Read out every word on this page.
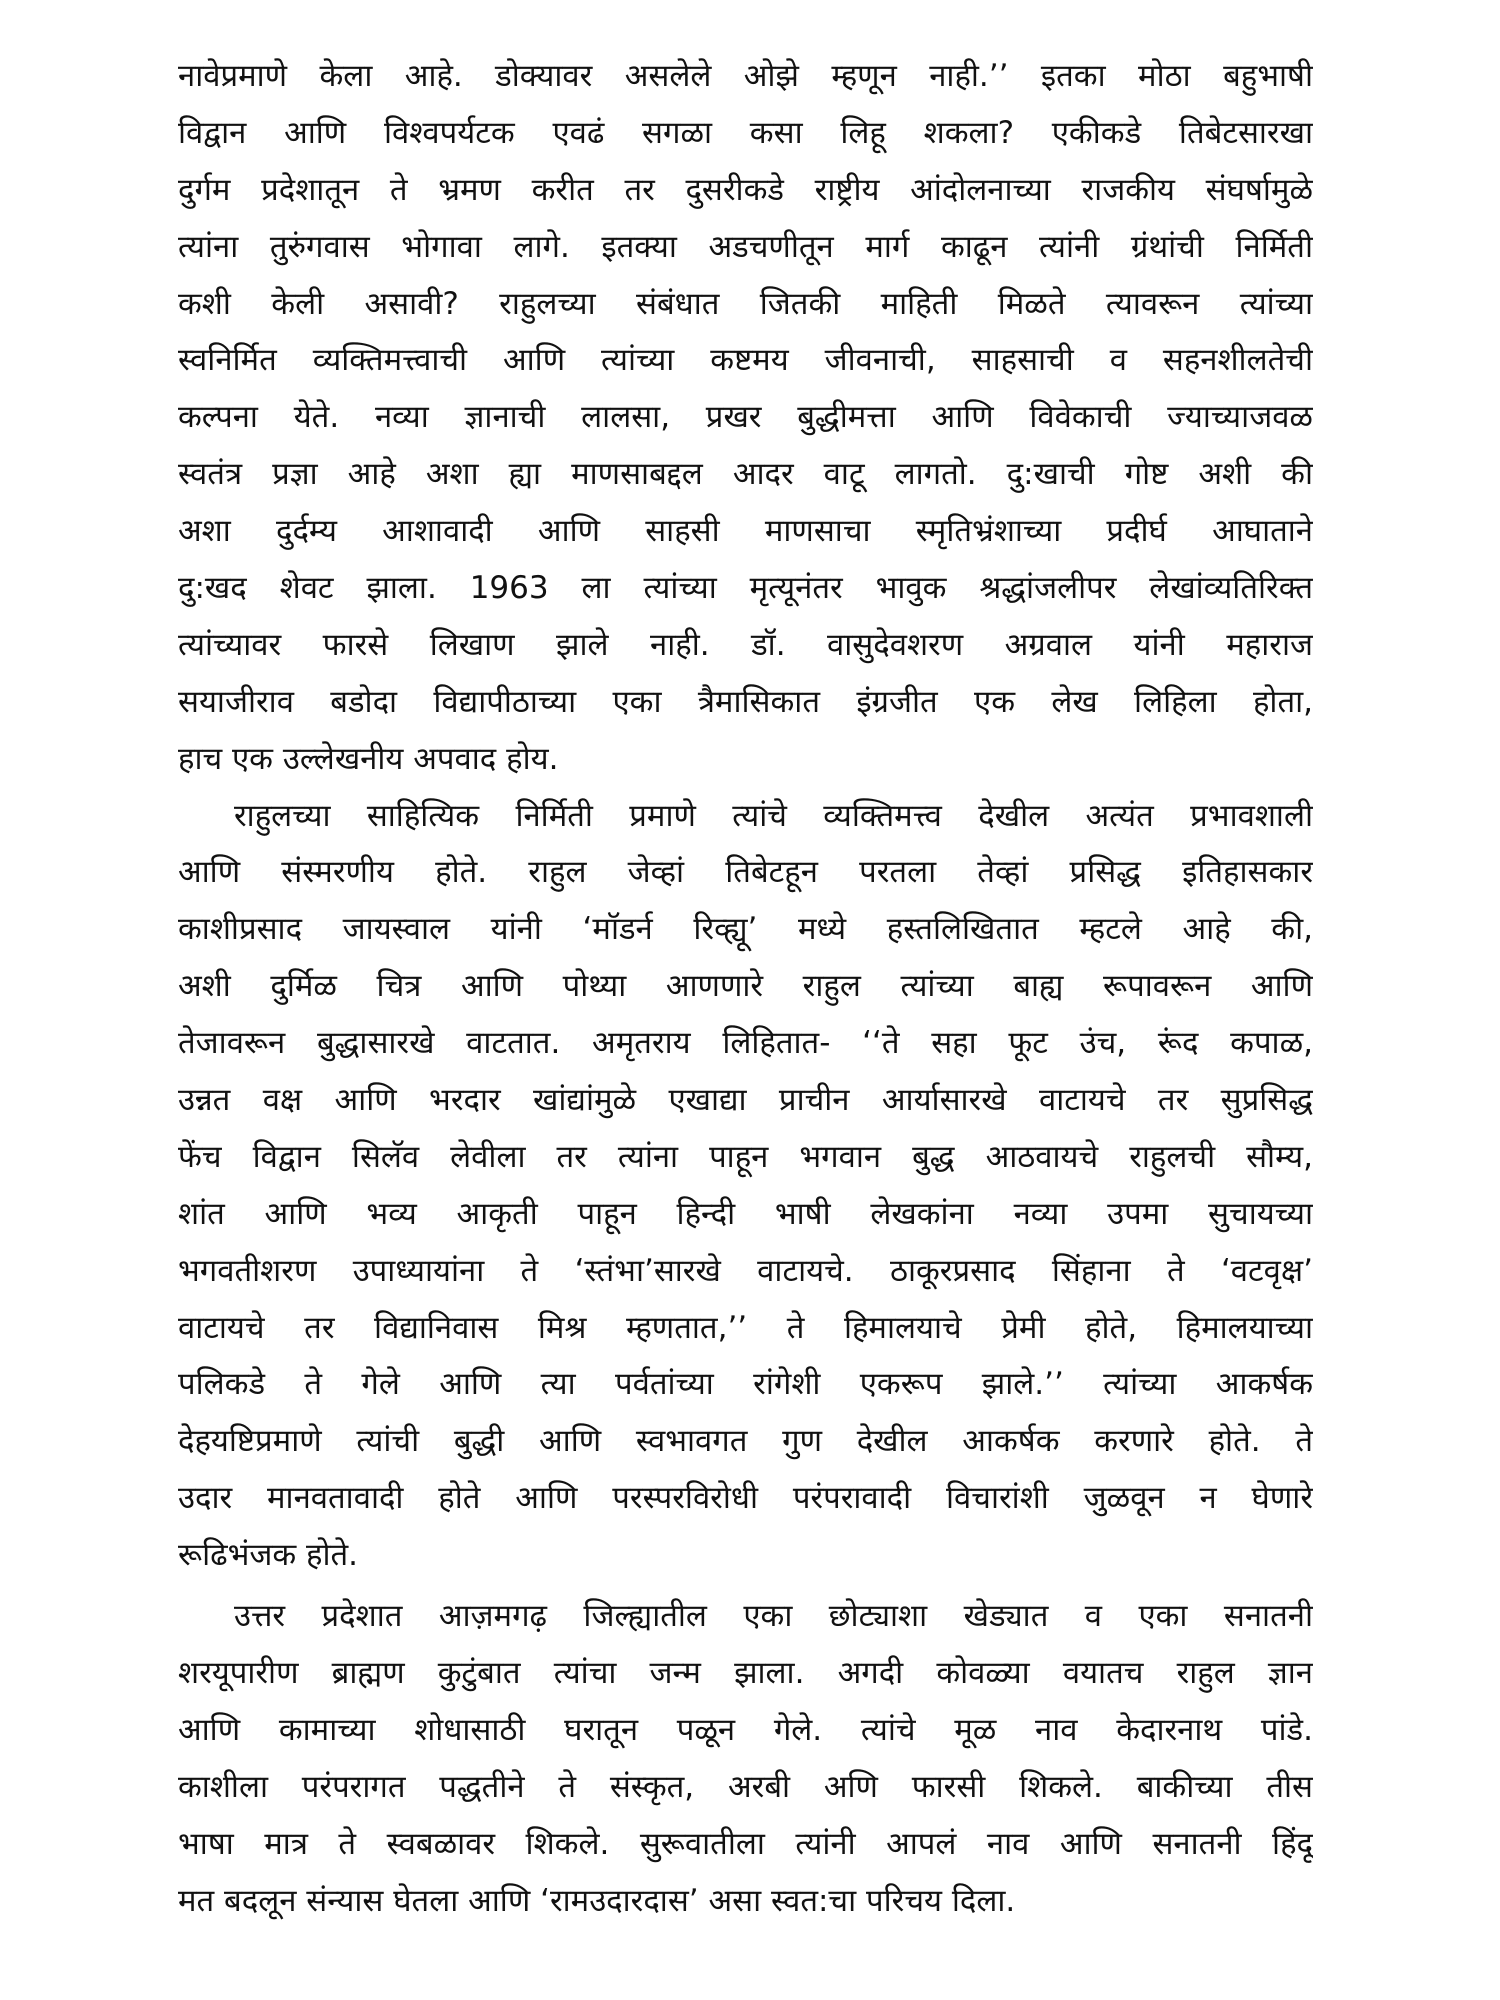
नावेप्रमाणे केला आहे. डोक्यावर असलेले ओझे म्हणून नाही.’’ इतका मोठा बहुभाषी
विद्वान आणि विश्वपर्यटक एवढं सगळा कसा लिहू शकला? एकीकडे तिबेटसारखा
दुर्गम प्रदेशातून ते भ्रमण करीत तर दुसरीकडे राष्ट्रीय आंदोलनाच्या राजकीय संघर्षामुळे
त्यांना तुरुंगवास भोगावा लागे. इतक्या अडचणीतून मार्ग काढून त्यांनी ग्रंथांची निर्मिती
कशी केली असावी? राहुलच्या संबंधात जितकी माहिती मिळते त्यावरून त्यांच्या
स्वनिर्मित व्यक्तिमत्त्वाची आणि त्यांच्या कष्टमय जीवनाची, साहसाची व सहनशीलतेची
कल्पना येते. नव्या ज्ञानाची लालसा, प्रखर बुद्धीमत्ता आणि विवेकाची ज्याच्याजवळ
स्वतंत्र प्रज्ञा आहे अशा ह्या माणसाबद्दल आदर वाटू लागतो. दु:खाची गोष्ट अशी की
अशा दुर्दम्य आशावादी आणि साहसी माणसाचा स्मृतिभ्रंशाच्या प्रदीर्घ आघाताने
दु:खद शेवट झाला. 1963 ला त्यांच्या मृत्यूनंतर भावुक श्रद्धांजलीपर लेखांव्यतिरिक्त
त्यांच्यावर फारसे लिखाण झाले नाही. डॉ. वासुदेवशरण अग्रवाल यांनी महाराज
सयाजीराव बडोदा विद्यापीठाच्या एका त्रैमासिकात इंग्रजीत एक लेख लिहिला होता,
हाच एक उल्लेखनीय अपवाद होय.
राहुलच्या साहित्यिक निर्मिती प्रमाणे त्यांचे व्यक्तिमत्त्व देखील अत्यंत प्रभावशाली
आणि संस्मरणीय होते. राहुल जेव्हां तिबेटहून परतला तेव्हां प्रसिद्ध इतिहासकार
काशीप्रसाद जायस्वाल यांनी ‘मॉडर्न रिव्ह्यू’ मध्ये हस्तलिखितात म्हटले आहे की,
अशी दुर्मिळ चित्र आणि पोथ्या आणणारे राहुल त्यांच्या बाह्य रूपावरून आणि
तेजावरून बुद्धासारखे वाटतात. अमृतराय लिहितात- ‘‘ते सहा फूट उंच, रूंद कपाळ,
उन्नत वक्ष आणि भरदार खांद्यांमुळे एखाद्या प्राचीन आर्यासारखे वाटायचे तर सुप्रसिद्ध
फेंच विद्वान सिलॅव लेवीला तर त्यांना पाहून भगवान बुद्ध आठवायचे राहुलची सौम्य,
शांत आणि भव्य आकृती पाहून हिन्दी भाषी लेखकांना नव्या उपमा सुचायच्या
भगवतीशरण उपाध्यायांना ते ‘स्तंभा’सारखे वाटायचे. ठाकूरप्रसाद सिंहाना ते ‘वटवृक्ष’
वाटायचे तर विद्यानिवास मिश्र म्हणतात,’’ ते हिमालयाचे प्रेमी होते, हिमालयाच्या
पलिकडे ते गेले आणि त्या पर्वतांच्या रांगेशी एकरूप झाले.’’ त्यांच्या आकर्षक
देहयष्टिप्रमाणे त्यांची बुद्धी आणि स्वभावगत गुण देखील आकर्षक करणारे होते. ते
उदार मानवतावादी होते आणि परस्परविरोधी परंपरावादी विचारांशी जुळवून न घेणारे
रूढिभंजक होते.
उत्तर प्रदेशात आज़मगढ़ जिल्ह्यातील एका छोट्याशा खेड्यात व एका सनातनी
शरयूपारीण ब्राह्मण कुटुंबात त्यांचा जन्म झाला. अगदी कोवळ्या वयातच राहुल ज्ञान
आणि कामाच्या शोधासाठी घरातून पळून गेले. त्यांचे मूळ नाव केदारनाथ पांडे.
काशीला परंपरागत पद्धतीने ते संस्कृत, अरबी अणि फारसी शिकले. बाकीच्या तीस
भाषा मात्र ते स्वबळावर शिकले. सुरूवातीला त्यांनी आपलं नाव आणि सनातनी हिंदू
मत बदलून संन्यास घेतला आणि ‘रामउदारदास’ असा स्वत:चा परिचय दिला.
